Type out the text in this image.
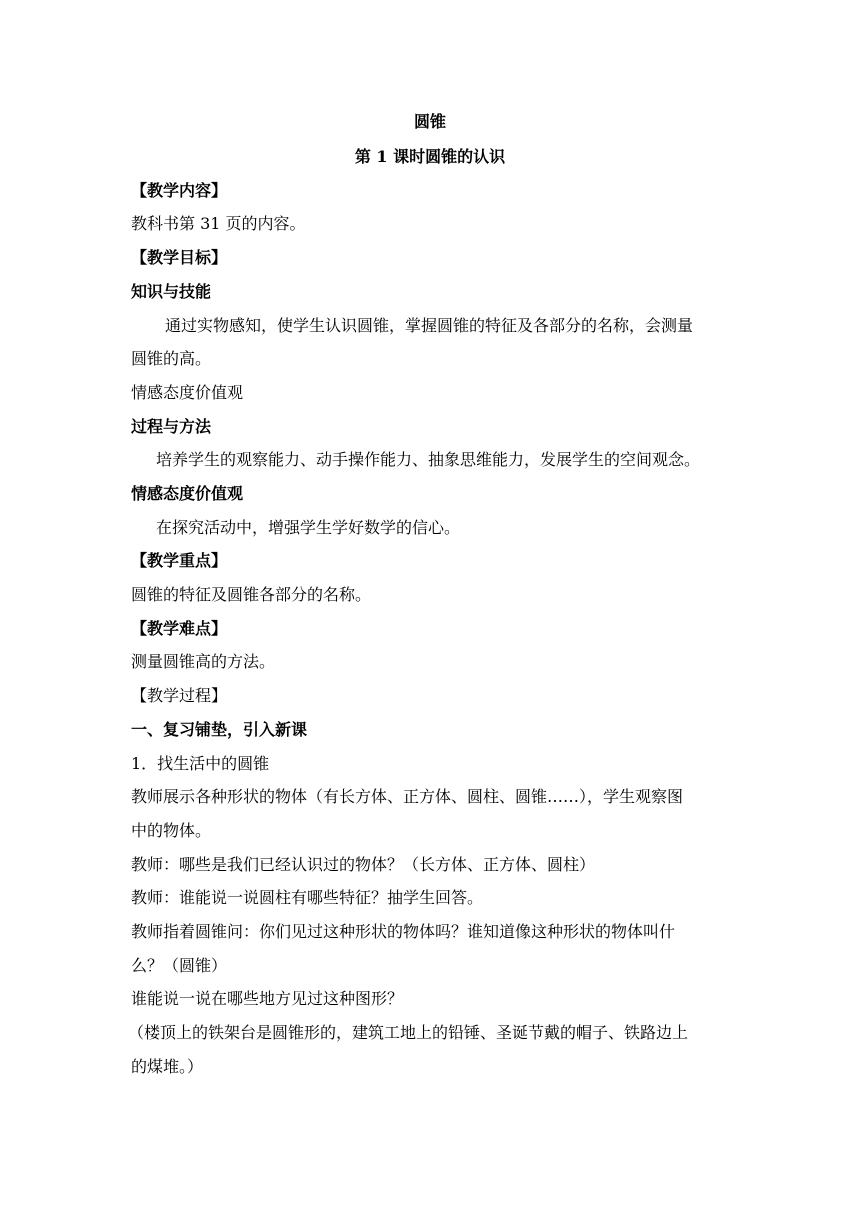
圆锥
第 1 课时圆锥的认识
【教学内容】
教科书第 31 页的内容。
【教学目标】
知识与技能
通过实物感知，使学生认识圆锥，掌握圆锥的特征及各部分的名称，会测量
圆锥的高。
情感态度价值观
过程与方法
培养学生的观察能力、动手操作能力、抽象思维能力，发展学生的空间观念。
情感态度价值观
在探究活动中，增强学生学好数学的信心。
【教学重点】
圆锥的特征及圆锥各部分的名称。
【教学难点】
测量圆锥高的方法。
【教学过程】
一、复习铺垫，引入新课
1．找生活中的圆锥
教师展示各种形状的物体（有长方体、正方体、圆柱、圆锥……），学生观察图
中的物体。
教师：哪些是我们已经认识过的物体？（长方体、正方体、圆柱）
教师：谁能说一说圆柱有哪些特征？抽学生回答。
教师指着圆锥问：你们见过这种形状的物体吗？谁知道像这种形状的物体叫什
么？（圆锥）
谁能说一说在哪些地方见过这种图形？
（楼顶上的铁架台是圆锥形的，建筑工地上的铅锤、圣诞节戴的帽子、铁路边上
的煤堆。）
